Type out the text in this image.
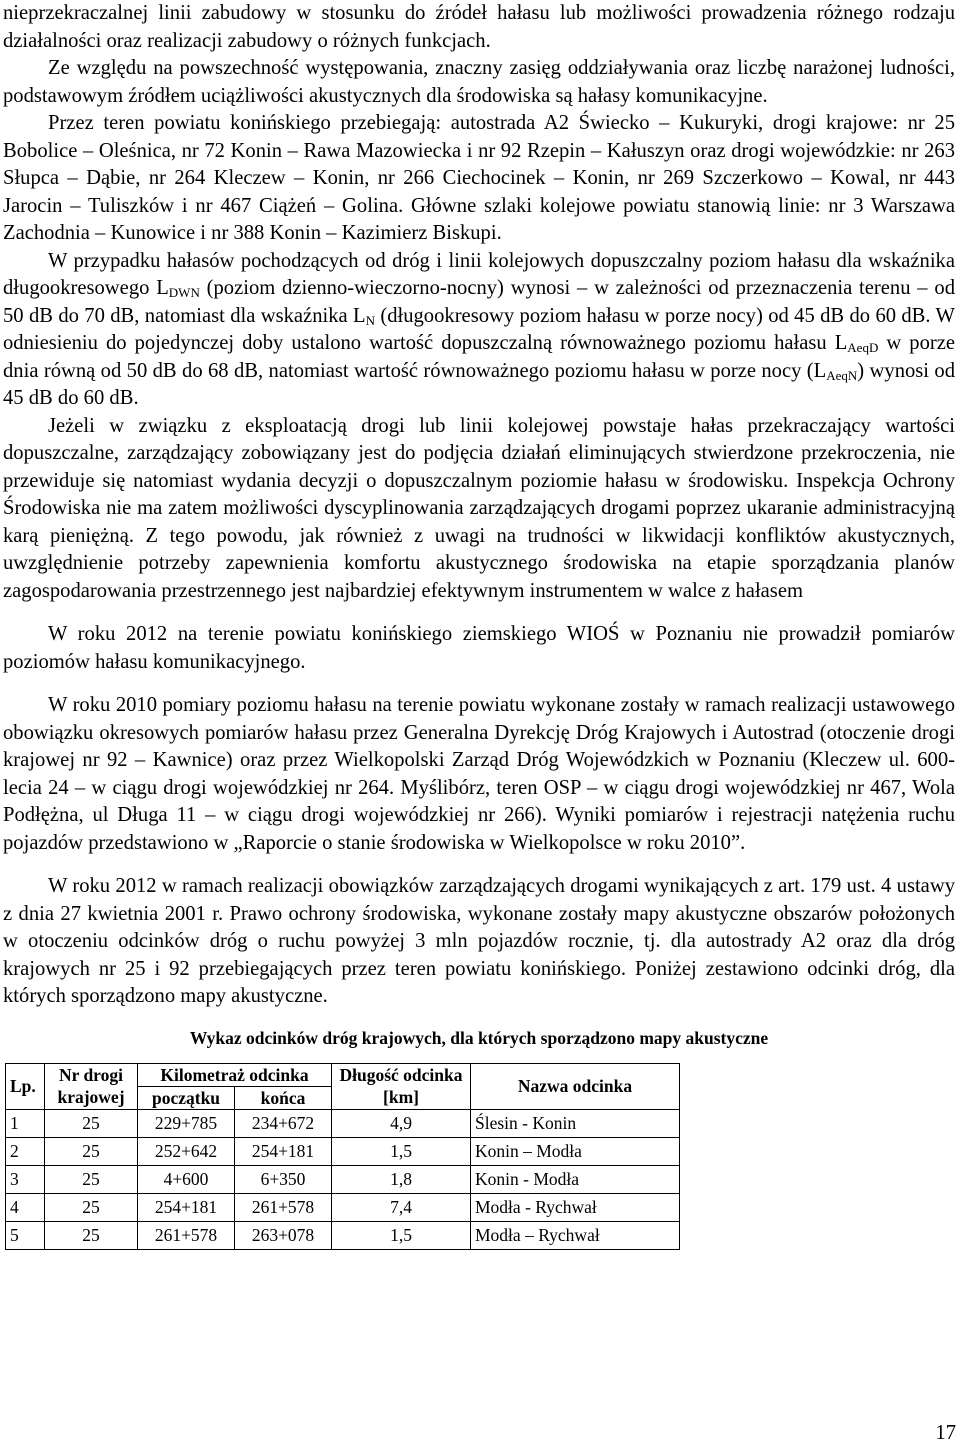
nieprzekraczalnej linii zabudowy w stosunku do źródeł hałasu lub możliwości prowadzenia różnego rodzaju działalności oraz realizacji zabudowy o różnych funkcjach.

Ze względu na powszechność występowania, znaczny zasięg oddziaływania oraz liczbę narażonej ludności, podstawowym źródłem uciążliwości akustycznych dla środowiska są hałasy komunikacyjne.

Przez teren powiatu konińskiego przebiegają: autostrada A2 Świecko – Kukuryki, drogi krajowe: nr 25 Bobolice – Oleśnica, nr 72 Konin – Rawa Mazowiecka i nr 92 Rzepin – Kałuszyn oraz drogi wojewódzkie: nr 263 Słupca – Dąbie, nr 264 Kleczew – Konin, nr 266 Ciechocinek – Konin, nr 269 Szczerkowo – Kowal, nr 443 Jarocin – Tuliszków i nr 467 Ciążeń – Golina. Główne szlaki kolejowe powiatu stanowią linie: nr 3 Warszawa Zachodnia – Kunowice i nr 388 Konin – Kazimierz Biskupi.

W przypadku hałasów pochodzących od dróg i linii kolejowych dopuszczalny poziom hałasu dla wskaźnika długookresowego $L_{DWN}$ (poziom dzienno-wieczorno-nocny) wynosi – w zależności od przeznaczenia terenu – od 50 dB do 70 dB, natomiast dla wskaźnika $L_N$ (długookresowy poziom hałasu w porze nocy) od 45 dB do 60 dB. W odniesieniu do pojedynczej doby ustalono wartość dopuszczalną równoważnego poziomu hałasu $L_{AeqD}$ w porze dnia równą od 50 dB do 68 dB, natomiast wartość równoważnego poziomu hałasu w porze nocy $(L_{AeqN})$ wynosi od 45 dB do 60 dB.

Jeżeli w związku z eksploatacją drogi lub linii kolejowej powstaje hałas przekraczający wartości dopuszczalne, zarządzający zobowiązany jest do podjęcia działań eliminujących stwierdzone przekroczenia, nie przewiduje się natomiast wydania decyzji o dopuszczalnym poziomie hałasu w środowisku. Inspekcja Ochrony Środowiska nie ma zatem możliwości dyscyplinowania zarządzających drogami poprzez ukaranie administracyjną karą pieniężną. Z tego powodu, jak również z uwagi na trudności w likwidacji konfliktów akustycznych, uwzględnienie potrzeby zapewnienia komfortu akustycznego środowiska na etapie sporządzania planów zagospodarowania przestrzennego jest najbardziej efektywnym instrumentem w walce z hałasem

W roku 2012 na terenie powiatu konińskiego ziemskiego WIOŚ w Poznaniu nie prowadził pomiarów poziomów hałasu komunikacyjnego.

W roku 2010 pomiary poziomu hałasu na terenie powiatu wykonane zostały w ramach realizacji ustawowego obowiązku okresowych pomiarów hałasu przez Generalna Dyrekcję Dróg Krajowych i Autostrad (otoczenie drogi krajowej nr 92 – Kawnice) oraz przez Wielkopolski Zarząd Dróg Wojewódzkich w Poznaniu (Kleczew ul. 600-lecia 24 – w ciągu drogi wojewódzkiej nr 264. Myślibórz, teren OSP – w ciągu drogi wojewódzkiej nr 467, Wola Podłężna, ul Długa 11 – w ciągu drogi wojewódzkiej nr 266). Wyniki pomiarów i rejestracji natężenia ruchu pojazdów przedstawiono w „Raporcie o stanie środowiska w Wielkopolsce w roku 2010”.

W roku 2012 w ramach realizacji obowiązków zarządzających drogami wynikających z art. 179 ust. 4 ustawy z dnia 27 kwietnia 2001 r. Prawo ochrony środowiska, wykonane zostały mapy akustyczne obszarów położonych w otoczeniu odcinków dróg o ruchu powyżej 3 mln pojazdów rocznie, tj. dla autostrady A2 oraz dla dróg krajowych nr 25 i 92 przebiegających przez teren powiatu konińskiego. Poniżej zestawiono odcinki dróg, dla których sporządzono mapy akustyczne.

Wykaz odcinków dróg krajowych, dla których sporządzono mapy akustyczne
Lp.	Nr drogi krajowej	Kilometraż odcinka		Długość odcinka [km]	Nazwa odcinka
		początku	końca		
1	25	229+785	234+672	4,9	Ślesin - Konin
2	25	252+642	254+181	1,5	Konin – Modła
3	25	4+600	6+350	1,8	Konin - Modła
4	25	254+181	261+578	7,4	Modła - Rychwał
5	25	261+578	263+078	1,5	Modła – Rychwał
17
